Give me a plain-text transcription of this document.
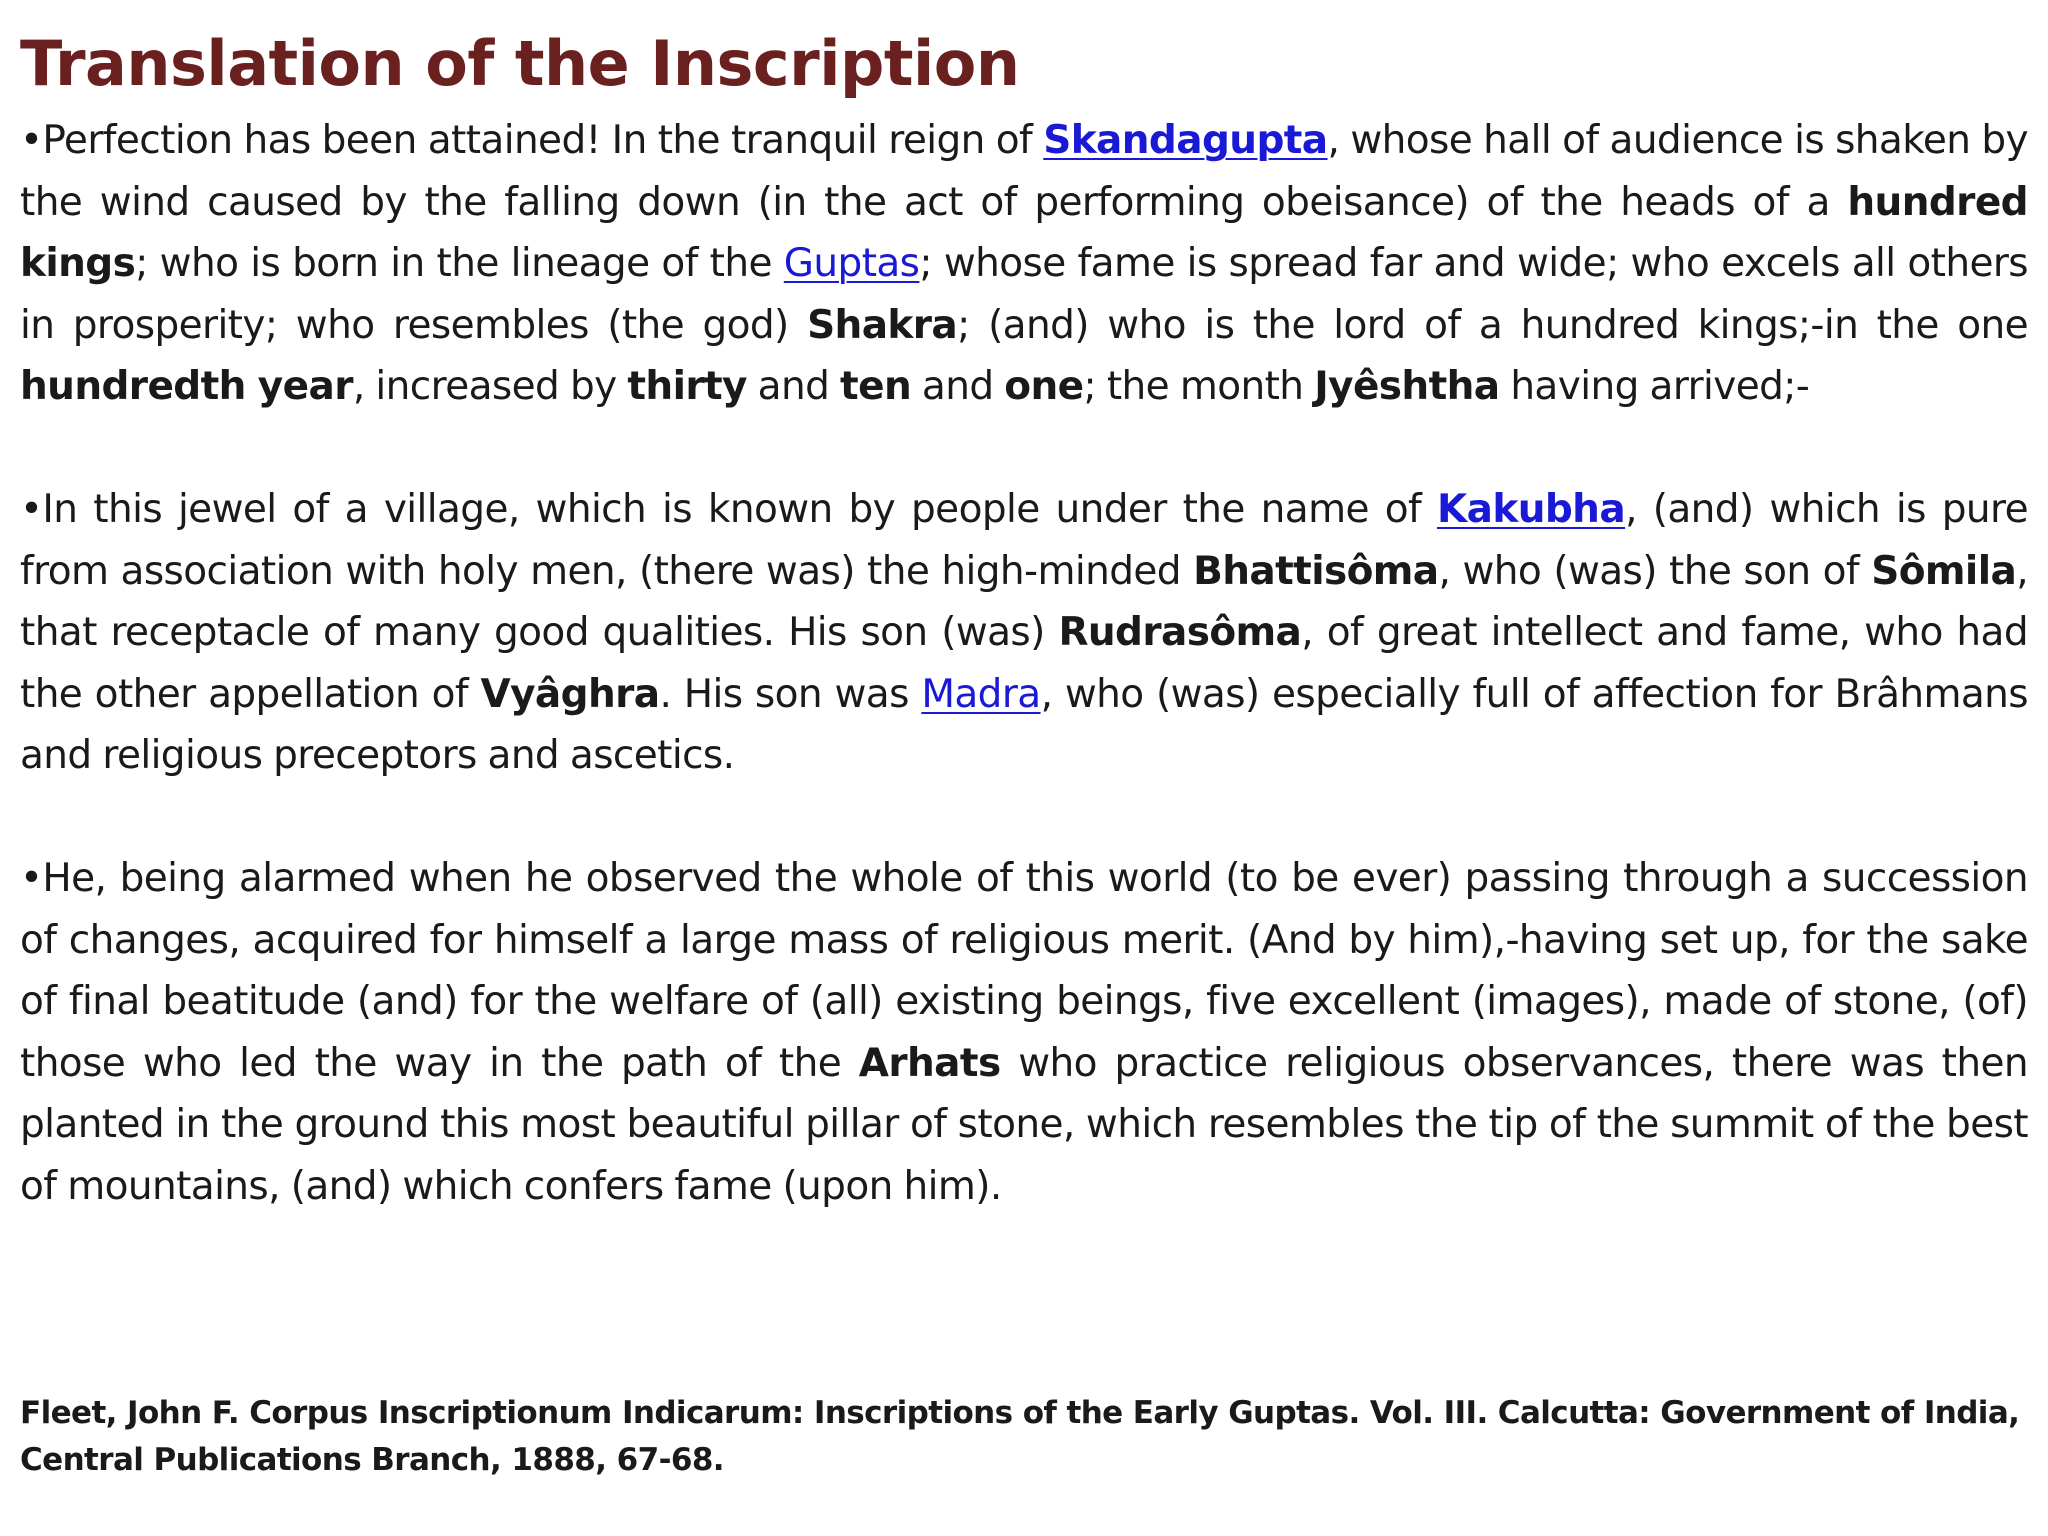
Translation of the Inscription

•Perfection has been attained! In the tranquil reign of Skandagupta, whose hall of audience is shaken by the wind caused by the falling down (in the act of performing obeisance) of the heads of a hundred kings; who is born in the lineage of the Guptas; whose fame is spread far and wide; who excels all others in prosperity; who resembles (the god) Shakra; (and) who is the lord of a hundred kings;-in the one hundredth year, increased by thirty and ten and one; the month Jyêshtha having arrived;-

•In this jewel of a village, which is known by people under the name of Kakubha, (and) which is pure from association with holy men, (there was) the high-minded Bhattisôma, who (was) the son of Sômila, that receptacle of many good qualities. His son (was) Rudrasôma, of great intellect and fame, who had the other appellation of Vyâghra. His son was Madra, who (was) especially full of affection for Brâhmans and religious preceptors and ascetics.

•He, being alarmed when he observed the whole of this world (to be ever) passing through a succession of changes, acquired for himself a large mass of religious merit. (And by him),-having set up, for the sake of final beatitude (and) for the welfare of (all) existing beings, five excellent (images), made of stone, (of) those who led the way in the path of the Arhats who practice religious observances, there was then planted in the ground this most beautiful pillar of stone, which resembles the tip of the summit of the best of mountains, (and) which confers fame (upon him).

Fleet, John F. Corpus Inscriptionum Indicarum: Inscriptions of the Early Guptas. Vol. III. Calcutta: Government of India, Central Publications Branch, 1888, 67-68.
